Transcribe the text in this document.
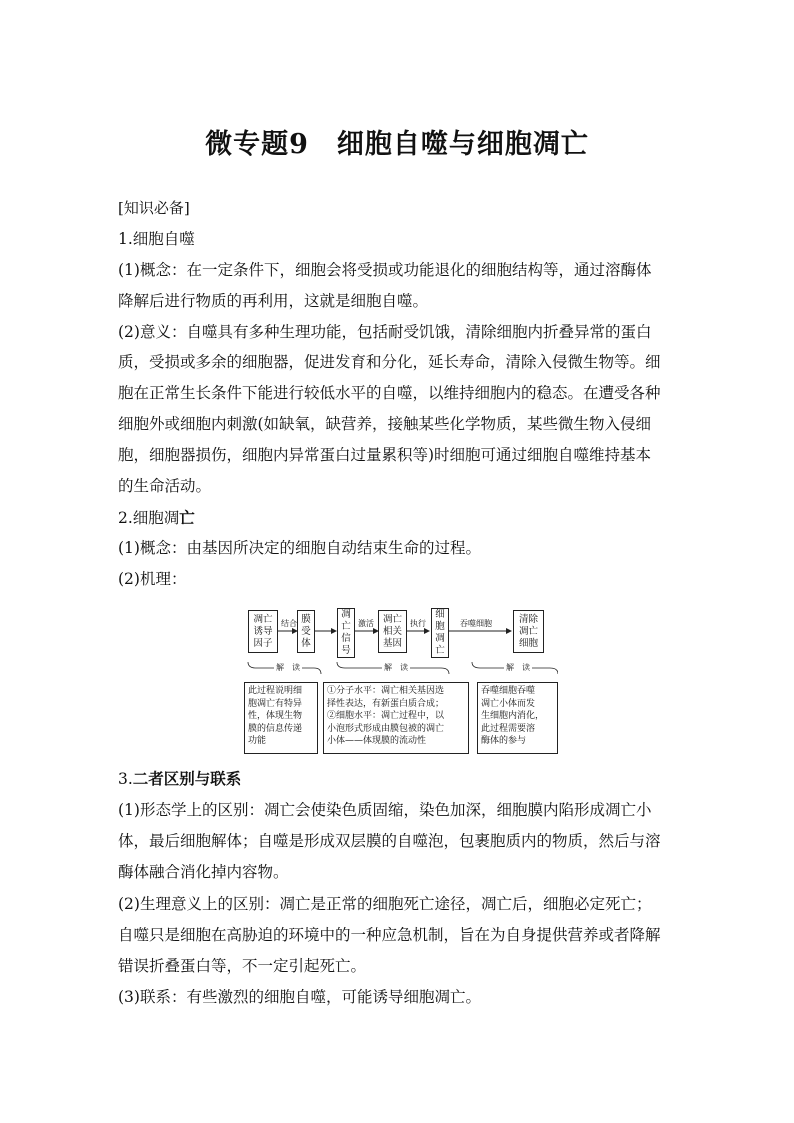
微专题9　细胞自噬与细胞凋亡
[知识必备]
1.细胞自噬
(1)概念：在一定条件下，细胞会将受损或功能退化的细胞结构等，通过溶酶体
降解后进行物质的再利用，这就是细胞自噬。
(2)意义：自噬具有多种生理功能，包括耐受饥饿，清除细胞内折叠异常的蛋白
质，受损或多余的细胞器，促进发育和分化，延长寿命，清除入侵微生物等。细
胞在正常生长条件下能进行较低水平的自噬，以维持细胞内的稳态。在遭受各种
细胞外或细胞内刺激(如缺氧，缺营养，接触某些化学物质，某些微生物入侵细
胞，细胞器损伤，细胞内异常蛋白过量累积等)时细胞可通过细胞自噬维持基本
的生命活动。
2.细胞凋亡
(1)概念：由基因所决定的细胞自动结束生命的过程。
(2)机理：
凋亡
诱导
因子
结合 膜
受
体
凋
亡
信
号
激活 凋亡
相关
基因
执行
细
胞
凋
亡
吞噬细胞	清除
凋亡
细胞
解　读	解　读	解　读
此过程说明细
胞凋亡有特异
性，体现生物
膜的信息传递
功能
①分子水平：凋亡相关基因选
择性表达，有新蛋白质合成；
②细胞水平：凋亡过程中，以
小泡形式形成由膜包被的凋亡
小体——体现膜的流动性
吞噬细胞吞噬
凋亡小体而发
生细胞内消化，
此过程需要溶
酶体的参与
3.二者区别与联系
(1)形态学上的区别：凋亡会使染色质固缩，染色加深，细胞膜内陷形成凋亡小
体，最后细胞解体；自噬是形成双层膜的自噬泡，包裹胞质内的物质，然后与溶
酶体融合消化掉内容物。
(2)生理意义上的区别：凋亡是正常的细胞死亡途径，凋亡后，细胞必定死亡；
自噬只是细胞在高胁迫的环境中的一种应急机制，旨在为自身提供营养或者降解
错误折叠蛋白等，不一定引起死亡。
(3)联系：有些激烈的细胞自噬，可能诱导细胞凋亡。
